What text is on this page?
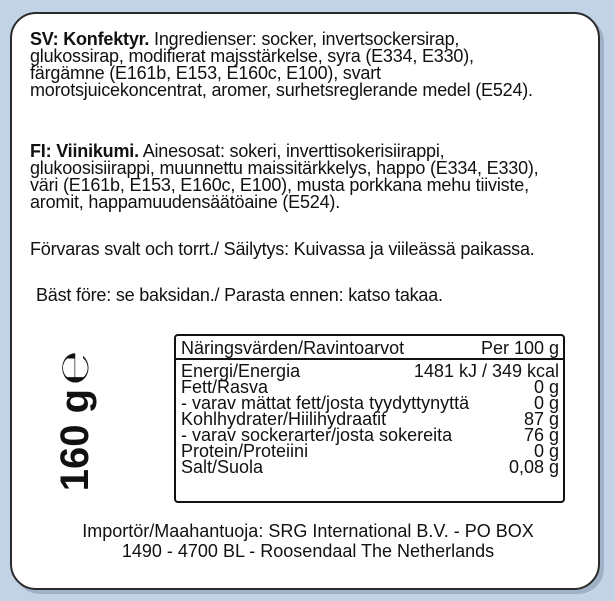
SV: Konfektyr. Ingredienser: socker, invertsockersirap, glukossirap, modifierat majsstärkelse, syra (E334, E330), färgämne (E161b, E153, E160c, E100), svart morotsjuicekoncentrat, aromer, surhetsreglerande medel (E524).
FI: Viinikumi. Ainesosat: sokeri, inverttisokerisiirappi, glukoosisiirappi, muunnettu maissitärkkelys, happo (E334, E330), väri (E161b, E153, E160c, E100), musta porkkana mehu tiiviste, aromit, happamuudensäätöaine (E524).
Förvaras svalt och torrt./ Säilytys: Kuivassa ja viileässä paikassa.
Bäst före: se baksidan./ Parasta ennen: katso takaa.
160 g℮
Näringsvärden/Ravintoarvot	Per 100 g
Energi/Energia	1481 kJ / 349 kcal
Fett/Rasva	0 g
- varav mättat fett/josta tyydyttynyttä	0 g
Kohlhydrater/Hiilihydraatit	87 g
- varav sockerarter/josta sokereita	76 g
Protein/Proteiini	0 g
Salt/Suola	0,08 g
Importör/Maahantuoja: SRG International B.V. - PO BOX
1490 - 4700 BL - Roosendaal The Netherlands
